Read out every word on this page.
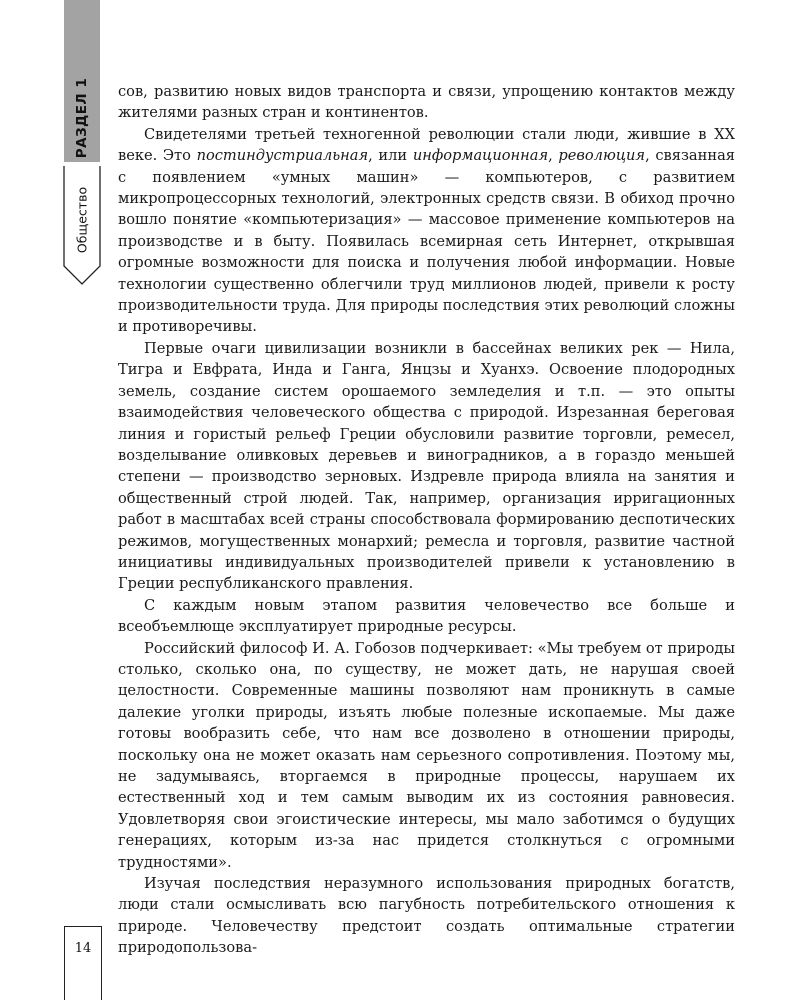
РАЗДЕЛ 1
Общество
14

сов, развитию новых видов транспорта и связи, упрощению контактов между жителями разных стран и континентов.

Свидетелями третьей техногенной революции стали люди, жившие в XX веке. Это постиндустриальная, или информационная, революция, связанная с появлением «умных машин» — компьютеров, с развитием микропроцессорных технологий, электронных средств связи. В обиход прочно вошло понятие «компьютеризация» — массовое применение компьютеров на производстве и в быту. Появилась всемирная сеть Интернет, открывшая огромные возможности для поиска и получения любой информации. Новые технологии существенно облегчили труд миллионов людей, привели к росту производительности труда. Для природы последствия этих революций сложны и противоречивы.

Первые очаги цивилизации возникли в бассейнах великих рек — Нила, Тигра и Евфрата, Инда и Ганга, Янцзы и Хуанхэ. Освоение плодородных земель, создание систем орошаемого земледелия и т.п. — это опыты взаимодействия человеческого общества с природой. Изрезанная береговая линия и гористый рельеф Греции обусловили развитие торговли, ремесел, возделывание оливковых деревьев и виноградников, а в гораздо меньшей степени — производство зерновых. Издревле природа влияла на занятия и общественный строй людей. Так, например, организация ирригационных работ в масштабах всей страны способствовала формированию деспотических режимов, могущественных монархий; ремесла и торговля, развитие частной инициативы индивидуальных производителей привели к установлению в Греции республиканского правления.

С каждым новым этапом развития человечество все больше и всеобъемлюще эксплуатирует природные ресурсы.

Российский философ И. А. Гобозов подчеркивает: «Мы требуем от природы столько, сколько она, по существу, не может дать, не нарушая своей целостности. Современные машины позволяют нам проникнуть в самые далекие уголки природы, изъять любые полезные ископаемые. Мы даже готовы вообразить себе, что нам все дозволено в отношении природы, поскольку она не может оказать нам серьезного сопротивления. Поэтому мы, не задумываясь, вторгаемся в природные процессы, нарушаем их естественный ход и тем самым выводим их из состояния равновесия. Удовлетворяя свои эгоистические интересы, мы мало заботимся о будущих генерациях, которым из-за нас придется столкнуться с огромными трудностями».

Изучая последствия неразумного использования природных богатств, люди стали осмысливать всю пагубность потребительского отношения к природе. Человечеству предстоит создать оптимальные стратегии природопользова-
